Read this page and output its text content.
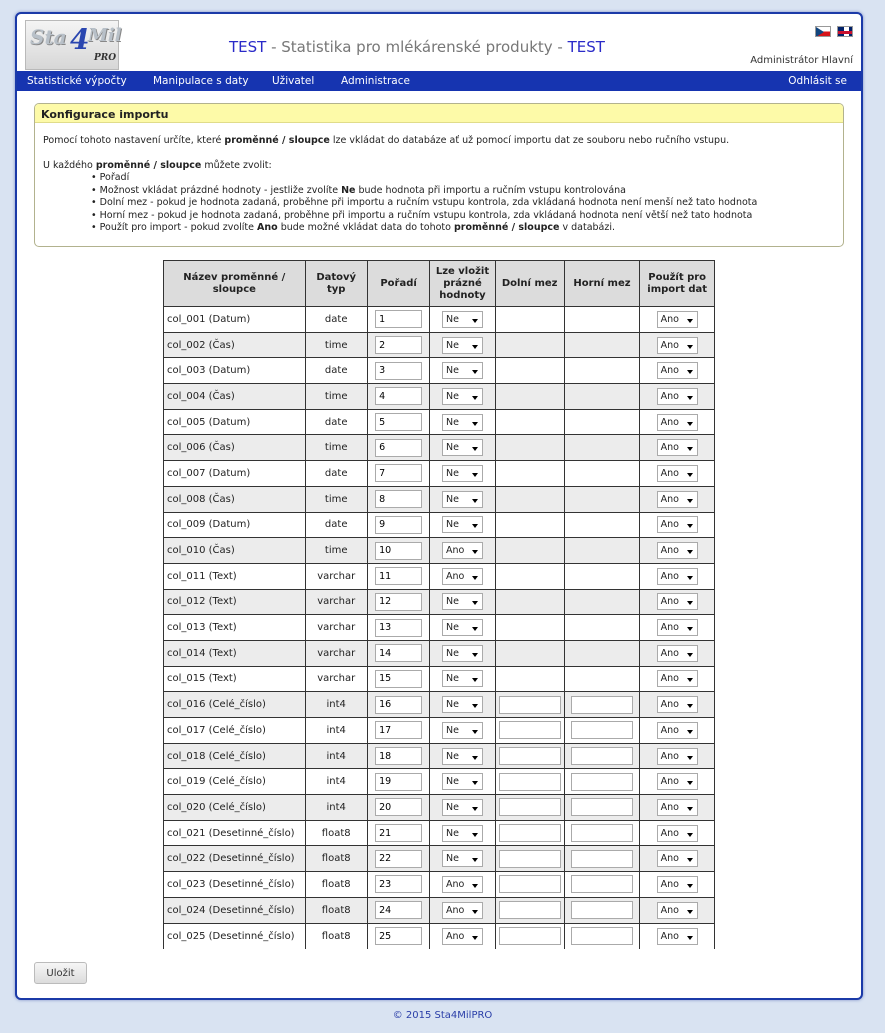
Sta 4
Mil
PRO
TEST - Statistika pro mlékárenské produkty - TEST
Administrátor Hlavní
Statistické výpočty	Manipulace s daty Uživatel	Administrace	Odhlásit se
Konfigurace importu
Pomocí tohoto nastavení určíte, které proměnné / sloupce lze vkládat do databáze ať už pomocí importu dat ze souboru nebo ručního vstupu.
U každého proměnné / sloupce můžete zvolit:
• Pořadí
• Možnost vkládat prázdné hodnoty - jestliže zvolíte Ne bude hodnota při importu a ručním vstupu kontrolována
• Dolní mez - pokud je hodnota zadaná, proběhne při importu a ručním vstupu kontrola, zda vkládaná hodnota není menší než tato hodnota
• Horní mez - pokud je hodnota zadaná, proběhne při importu a ručním vstupu kontrola, zda vkládaná hodnota není větší než tato hodnota
• Použít pro import - pokud zvolíte Ano bude možné vkládat data do tohoto proměnné / sloupce v databázi.
Název proměnné / sloupce	Datový typ	Pořadí	Lze vložit prázné hodnoty	Dolní mez	Horní mez	Použít pro import dat
col_001 (Datum)	date	1	Ne			Ano

col_002 (Čas)	time	2	Ne			Ano

col_003 (Datum)	date	3	Ne			Ano

col_004 (Čas)	time	4	Ne			Ano

col_005 (Datum)	date	5	Ne			Ano

col_006 (Čas)	time	6	Ne			Ano

col_007 (Datum)	date	7	Ne			Ano

col_008 (Čas)	time	8	Ne			Ano

col_009 (Datum)	date	9	Ne			Ano

col_010 (Čas)	time	10	Ano			Ano

col_011 (Text)	varchar	11	Ano			Ano

col_012 (Text)	varchar	12	Ne			Ano

col_013 (Text)	varchar	13	Ne			Ano

col_014 (Text)	varchar	14	Ne			Ano

col_015 (Text)	varchar	15	Ne			Ano

col_016 (Celé_číslo)	int4	16	Ne			Ano

col_017 (Celé_číslo)	int4	17	Ne			Ano

col_018 (Celé_číslo)	int4	18	Ne			Ano

col_019 (Celé_číslo)	int4	19	Ne			Ano

col_020 (Celé_číslo)	int4	20	Ne			Ano

col_021 (Desetinné_číslo)	float8	21	Ne			Ano

col_022 (Desetinné_číslo)	float8	22	Ne			Ano

col_023 (Desetinné_číslo)	float8	23	Ano			Ano

col_024 (Desetinné_číslo)	float8	24	Ano			Ano

col_025 (Desetinné_číslo)	float8	25	Ano			Ano
Uložit
© 2015 Sta4MilPRO
